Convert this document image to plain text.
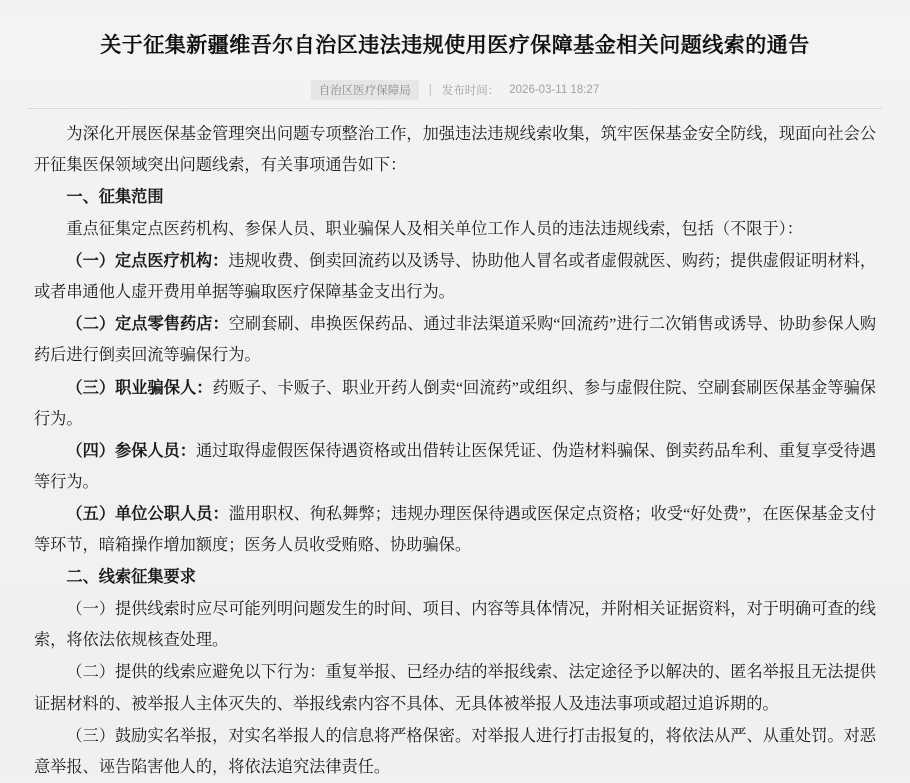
关于征集新疆维吾尔自治区违法违规使用医疗保障基金相关问题线索的通告
自治区医疗保障局	| 发布时间： 2026-03-11 18:27

为深化开展医保基金管理突出问题专项整治工作，加强违法违规线索收集，筑牢医保基金安全防线，现面向社会公开征集医保领域突出问题线索，有关事项通告如下：

一、征集范围

重点征集定点医药机构、参保人员、职业骗保人及相关单位工作人员的违法违规线索，包括（不限于）：

（一）定点医疗机构：违规收费、倒卖回流药以及诱导、协助他人冒名或者虚假就医、购药；提供虚假证明材料，或者串通他人虚开费用单据等骗取医疗保障基金支出行为。

（二）定点零售药店：空刷套刷、串换医保药品、通过非法渠道采购“回流药”进行二次销售或诱导、协助参保人购药后进行倒卖回流等骗保行为。

（三）职业骗保人：药贩子、卡贩子、职业开药人倒卖“回流药”或组织、参与虚假住院、空刷套刷医保基金等骗保行为。

（四）参保人员：通过取得虚假医保待遇资格或出借转让医保凭证、伪造材料骗保、倒卖药品牟利、重复享受待遇等行为。

（五）单位公职人员：滥用职权、徇私舞弊；违规办理医保待遇或医保定点资格；收受“好处费”，在医保基金支付等环节，暗箱操作增加额度；医务人员收受贿赂、协助骗保。

二、线索征集要求

（一）提供线索时应尽可能列明问题发生的时间、项目、内容等具体情况，并附相关证据资料，对于明确可查的线索，将依法依规核查处理。

（二）提供的线索应避免以下行为：重复举报、已经办结的举报线索、法定途径予以解决的、匿名举报且无法提供证据材料的、被举报人主体灭失的、举报线索内容不具体、无具体被举报人及违法事项或超过追诉期的。

（三）鼓励实名举报，对实名举报人的信息将严格保密。对举报人进行打击报复的，将依法从严、从重处罚。对恶意举报、诬告陷害他人的，将依法追究法律责任。
